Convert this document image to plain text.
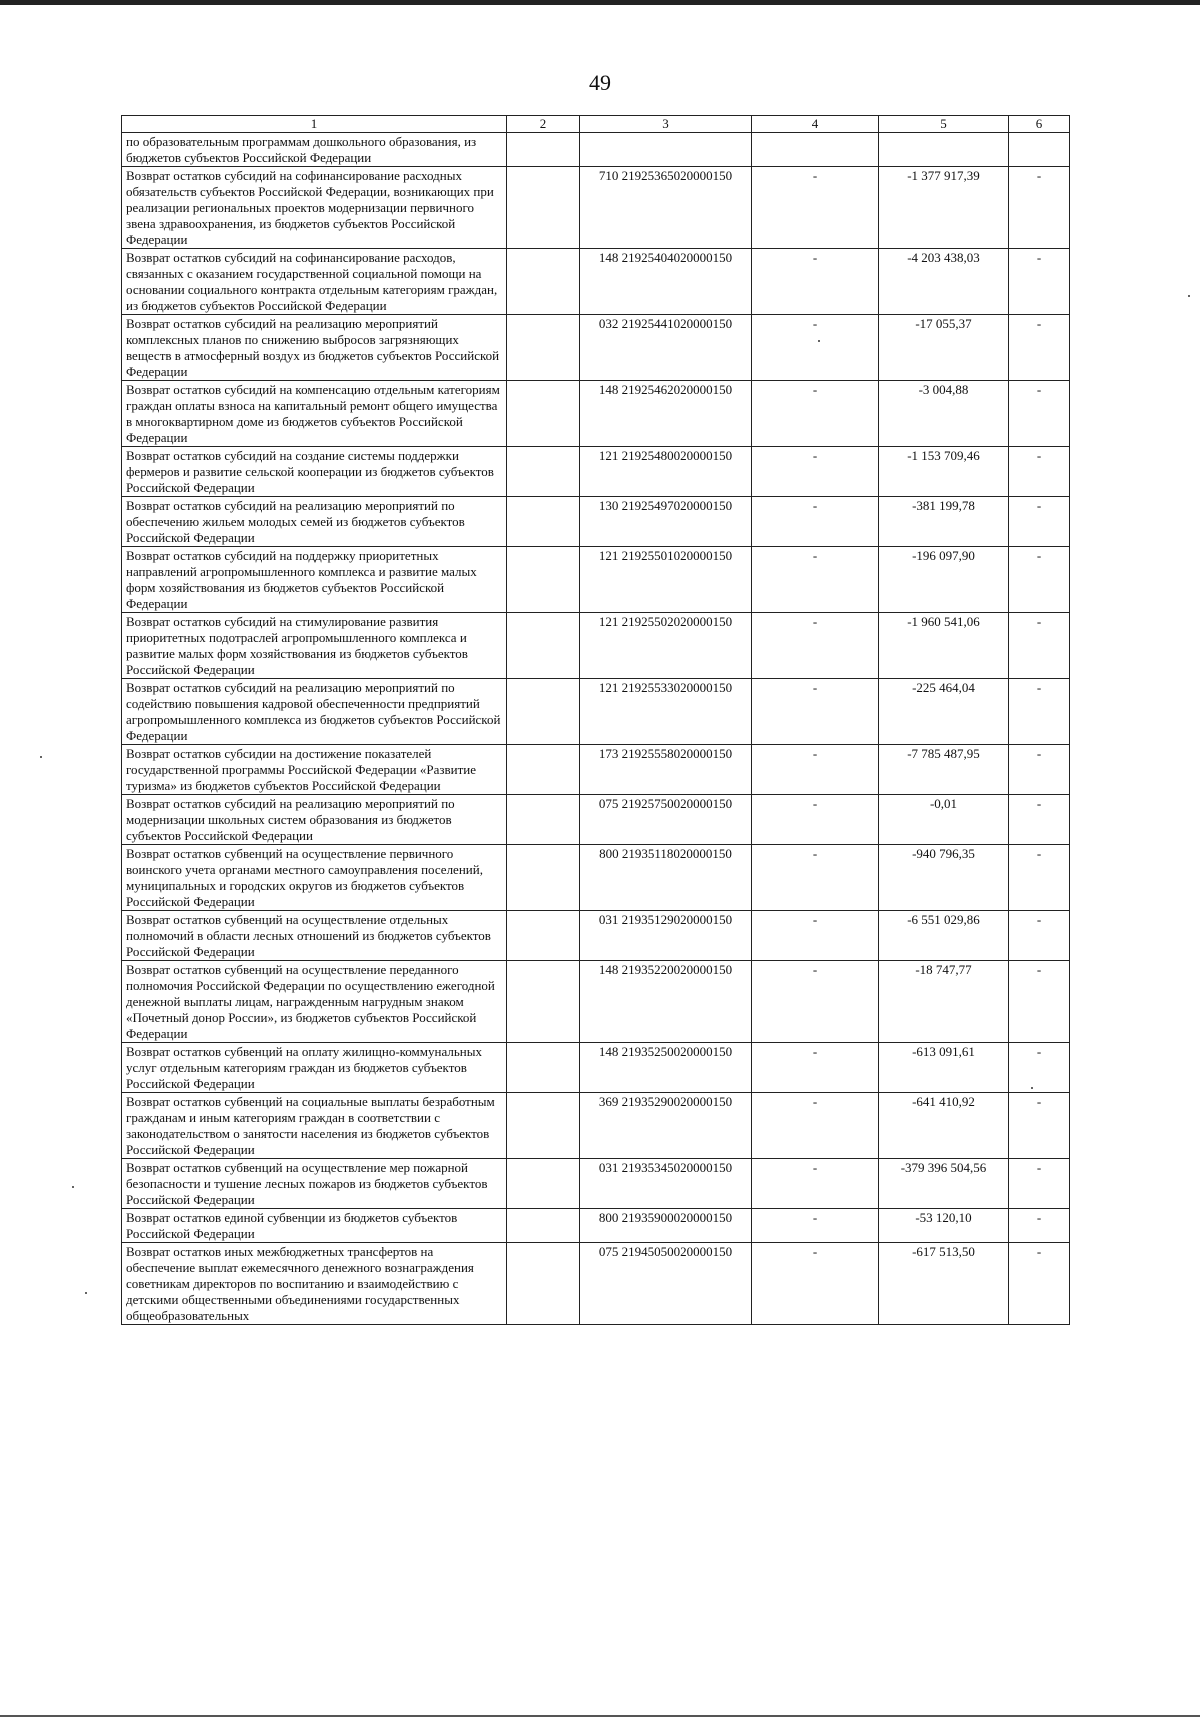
49
1	2	3	4	5	6
по образовательным программам дошкольного образования, из бюджетов субъектов Российской Федерации					
Возврат остатков субсидий на софинансирование расходных обязательств субъектов Российской Федерации, возникающих при реализации региональных проектов модернизации первичного звена здравоохранения, из бюджетов субъектов Российской Федерации		710 21925365020000150	-	-1 377 917,39	-
Возврат остатков субсидий на софинансирование расходов, связанных с оказанием государственной социальной помощи на основании социального контракта отдельным категориям граждан, из бюджетов субъектов Российской Федерации		148 21925404020000150	-	-4 203 438,03	-
Возврат остатков субсидий на реализацию мероприятий комплексных планов по снижению выбросов загрязняющих веществ в атмосферный воздух из бюджетов субъектов Российской Федерации		032 21925441020000150	-	-17 055,37	-
Возврат остатков субсидий на компенсацию отдельным категориям граждан оплаты взноса на капитальный ремонт общего имущества в многоквартирном доме из бюджетов субъектов Российской Федерации		148 21925462020000150	-	-3 004,88	-
Возврат остатков субсидий на создание системы поддержки фермеров и развитие сельской кооперации из бюджетов субъектов Российской Федерации		121 21925480020000150	-	-1 153 709,46	-
Возврат остатков субсидий на реализацию мероприятий по обеспечению жильем молодых семей из бюджетов субъектов Российской Федерации		130 21925497020000150	-	-381 199,78	-
Возврат остатков субсидий на поддержку приоритетных направлений агропромышленного комплекса и развитие малых форм хозяйствования из бюджетов субъектов Российской Федерации		121 21925501020000150	-	-196 097,90	-
Возврат остатков субсидий на стимулирование развития приоритетных подотраслей агропромышленного комплекса и развитие малых форм хозяйствования из бюджетов субъектов Российской Федерации		121 21925502020000150	-	-1 960 541,06	-
Возврат остатков субсидий на реализацию мероприятий по содействию повышения кадровой обеспеченности предприятий агропромышленного комплекса из бюджетов субъектов Российской Федерации		121 21925533020000150	-	-225 464,04	-
Возврат остатков субсидии на достижение показателей государственной программы Российской Федерации «Развитие туризма» из бюджетов субъектов Российской Федерации		173 21925558020000150	-	-7 785 487,95	-
Возврат остатков субсидий на реализацию мероприятий по модернизации школьных систем образования из бюджетов субъектов Российской Федерации		075 21925750020000150	-	-0,01	-
Возврат остатков субвенций на осуществление первичного воинского учета органами местного самоуправления поселений, муниципальных и городских округов из бюджетов субъектов Российской Федерации		800 21935118020000150	-	-940 796,35	-
Возврат остатков субвенций на осуществление отдельных полномочий в области лесных отношений из бюджетов субъектов Российской Федерации		031 21935129020000150	-	-6 551 029,86	-
Возврат остатков субвенций на осуществление переданного полномочия Российской Федерации по осуществлению ежегодной денежной выплаты лицам, награжденным нагрудным знаком «Почетный донор России», из бюджетов субъектов Российской Федерации		148 21935220020000150	-	-18 747,77	-
Возврат остатков субвенций на оплату жилищно-коммунальных услуг отдельным категориям граждан из бюджетов субъектов Российской Федерации		148 21935250020000150	-	-613 091,61	-
Возврат остатков субвенций на социальные выплаты безработным гражданам и иным категориям граждан в соответствии с законодательством о занятости населения из бюджетов субъектов Российской Федерации		369 21935290020000150	-	-641 410,92	-
Возврат остатков субвенций на осуществление мер пожарной безопасности и тушение лесных пожаров из бюджетов субъектов Российской Федерации		031 21935345020000150	-	-379 396 504,56	-
Возврат остатков единой субвенции из бюджетов субъектов Российской Федерации		800 21935900020000150	-	-53 120,10	-
Возврат остатков иных межбюджетных трансфертов на обеспечение выплат ежемесячного денежного вознаграждения советникам директоров по воспитанию и взаимодействию с детскими общественными объединениями государственных общеобразовательных		075 21945050020000150	-	-617 513,50	-
